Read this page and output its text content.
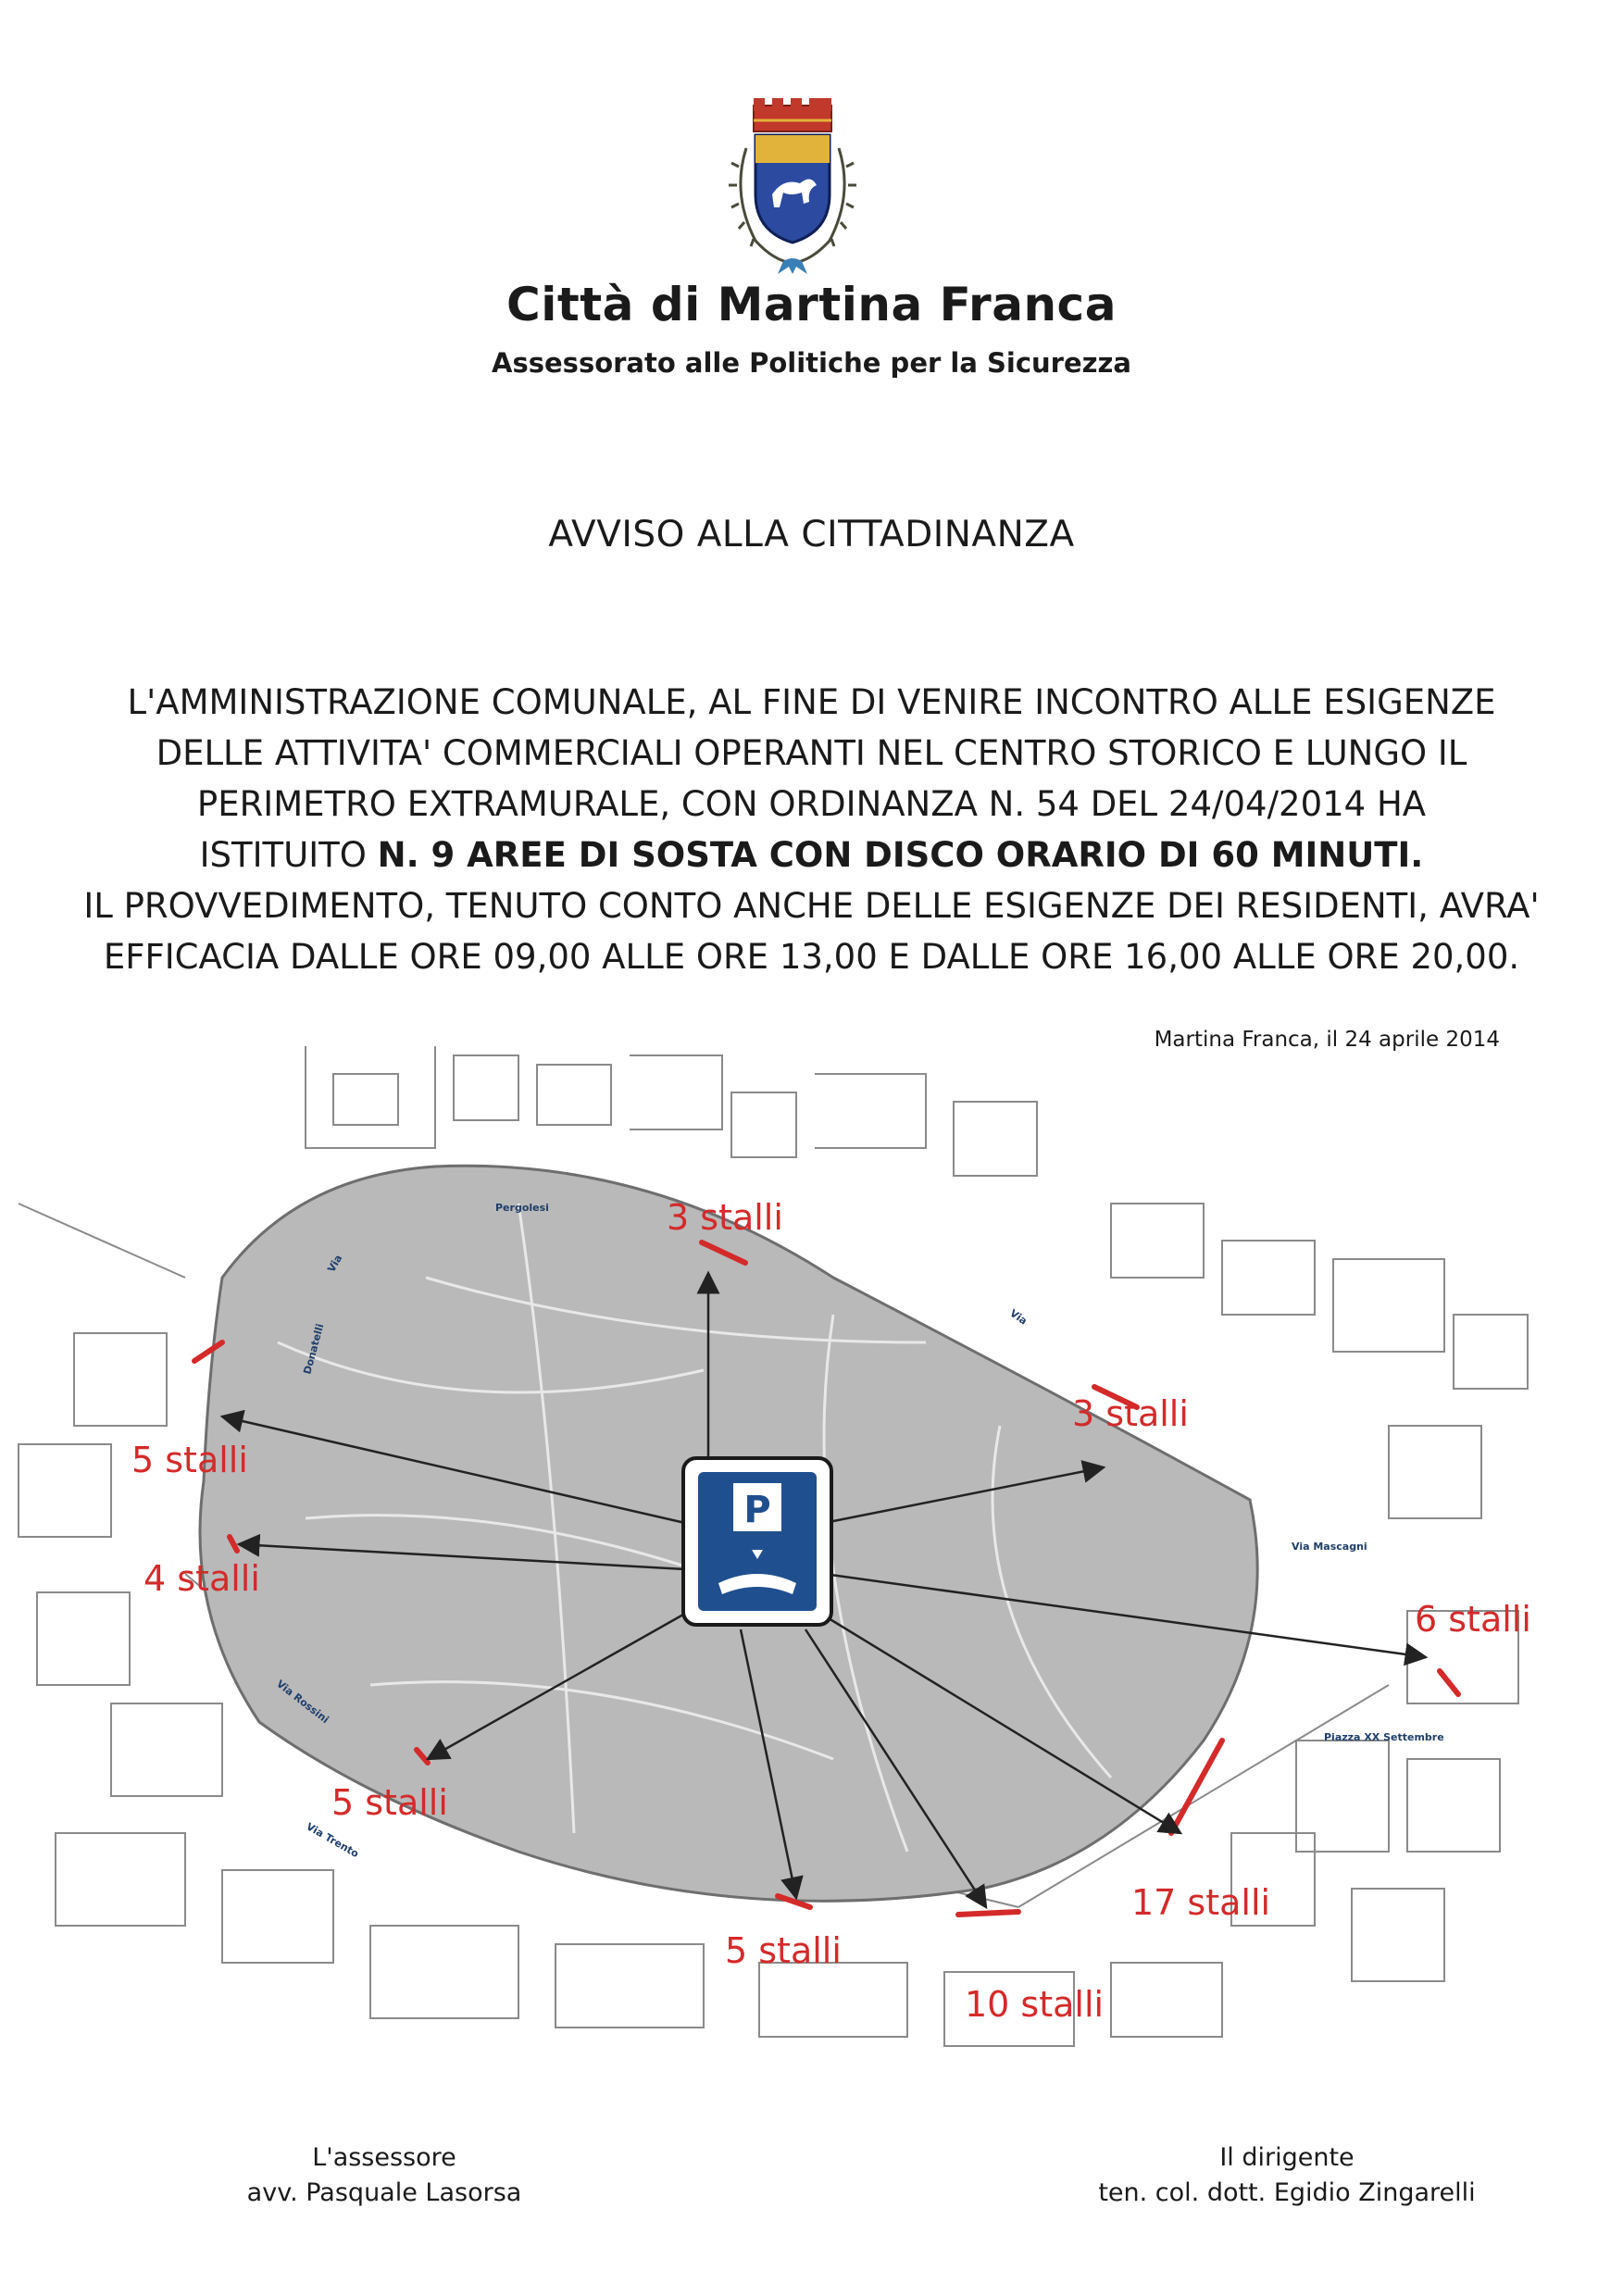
Città di Martina Franca
Assessorato alle Politiche per la Sicurezza
AVVISO ALLA CITTADINANZA
L'AMMINISTRAZIONE COMUNALE, AL FINE DI VENIRE INCONTRO ALLE ESIGENZE
DELLE ATTIVITA' COMMERCIALI OPERANTI NEL CENTRO STORICO E LUNGO IL
PERIMETRO EXTRAMURALE, CON ORDINANZA N. 54 DEL 24/04/2014 HA
ISTITUITO N. 9 AREE DI SOSTA CON DISCO ORARIO DI 60 MINUTI.
IL PROVVEDIMENTO, TENUTO CONTO ANCHE DELLE ESIGENZE DEI RESIDENTI, AVRA'
EFFICACIA DALLE ORE 09,00 ALLE ORE 13,00 E DALLE ORE 16,00 ALLE ORE 20,00.
Martina Franca, il 24 aprile 2014
Pergolesi
Via
Donatelli
Via
Via Mascagni
Via Rossini
Via Trento
Piazza XX Settembre
P
3 stalli
3 stalli
5 stalli
4 stalli
6 stalli
5 stalli
17 stalli
5 stalli
10 stalli
L'assessore
avv. Pasquale Lasorsa
Il dirigente
ten. col. dott. Egidio Zingarelli
